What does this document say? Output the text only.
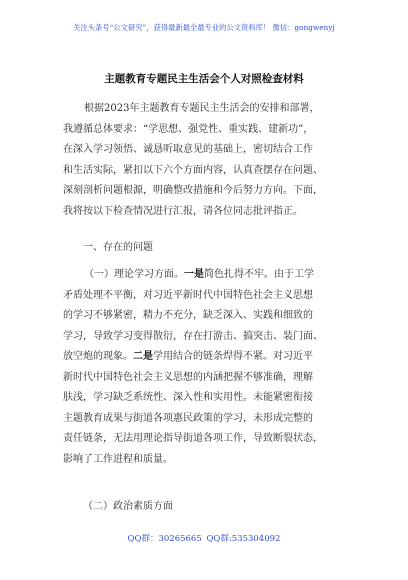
关注头条号“公文研究”，获得最新最全最专业的公文资料库！ 微信：gongwenyj
主题教育专题民主生活会个人对照检查材料
根据2023年主题教育专题民主生活会的安排和部署，
我遵循总体要求：“学思想、强党性、重实践、建新功”，
在深入学习领悟、诚恳听取意见的基础上，密切结合工作
和生活实际，紧扣以下六个方面内容，认真查摆存在问题、
深刻剖析问题根源，明确整改措施和今后努力方向。下面，
我将按以下检查情况进行汇报，请各位同志批评指正。
一、存在的问题
（一）理论学习方面。一是简色扎得不牢。由于工学
矛盾处理不平衡，对习近平新时代中国特色社会主义思想
的学习不够紧密，精力不充分，缺乏深入、实践和细致的
学习，导致学习变得散衍，存在打游击、搞突击、装门面、
放空炮的现象。二是学用结合的链条焊得不紧。对习近平
新时代中国特色社会主义思想的内涵把握不够准确，理解
肤浅，学习缺乏系统性、深入性和实用性。未能紧密衔接
主题教育成果与街道各项惠民政策的学习，未形成完整的
责任链条，无法用理论指导街道各项工作，导致断裂状态，
影响了工作进程和质量。
（二）政治素质方面
QQ群：30265665 QQ群:535304092
